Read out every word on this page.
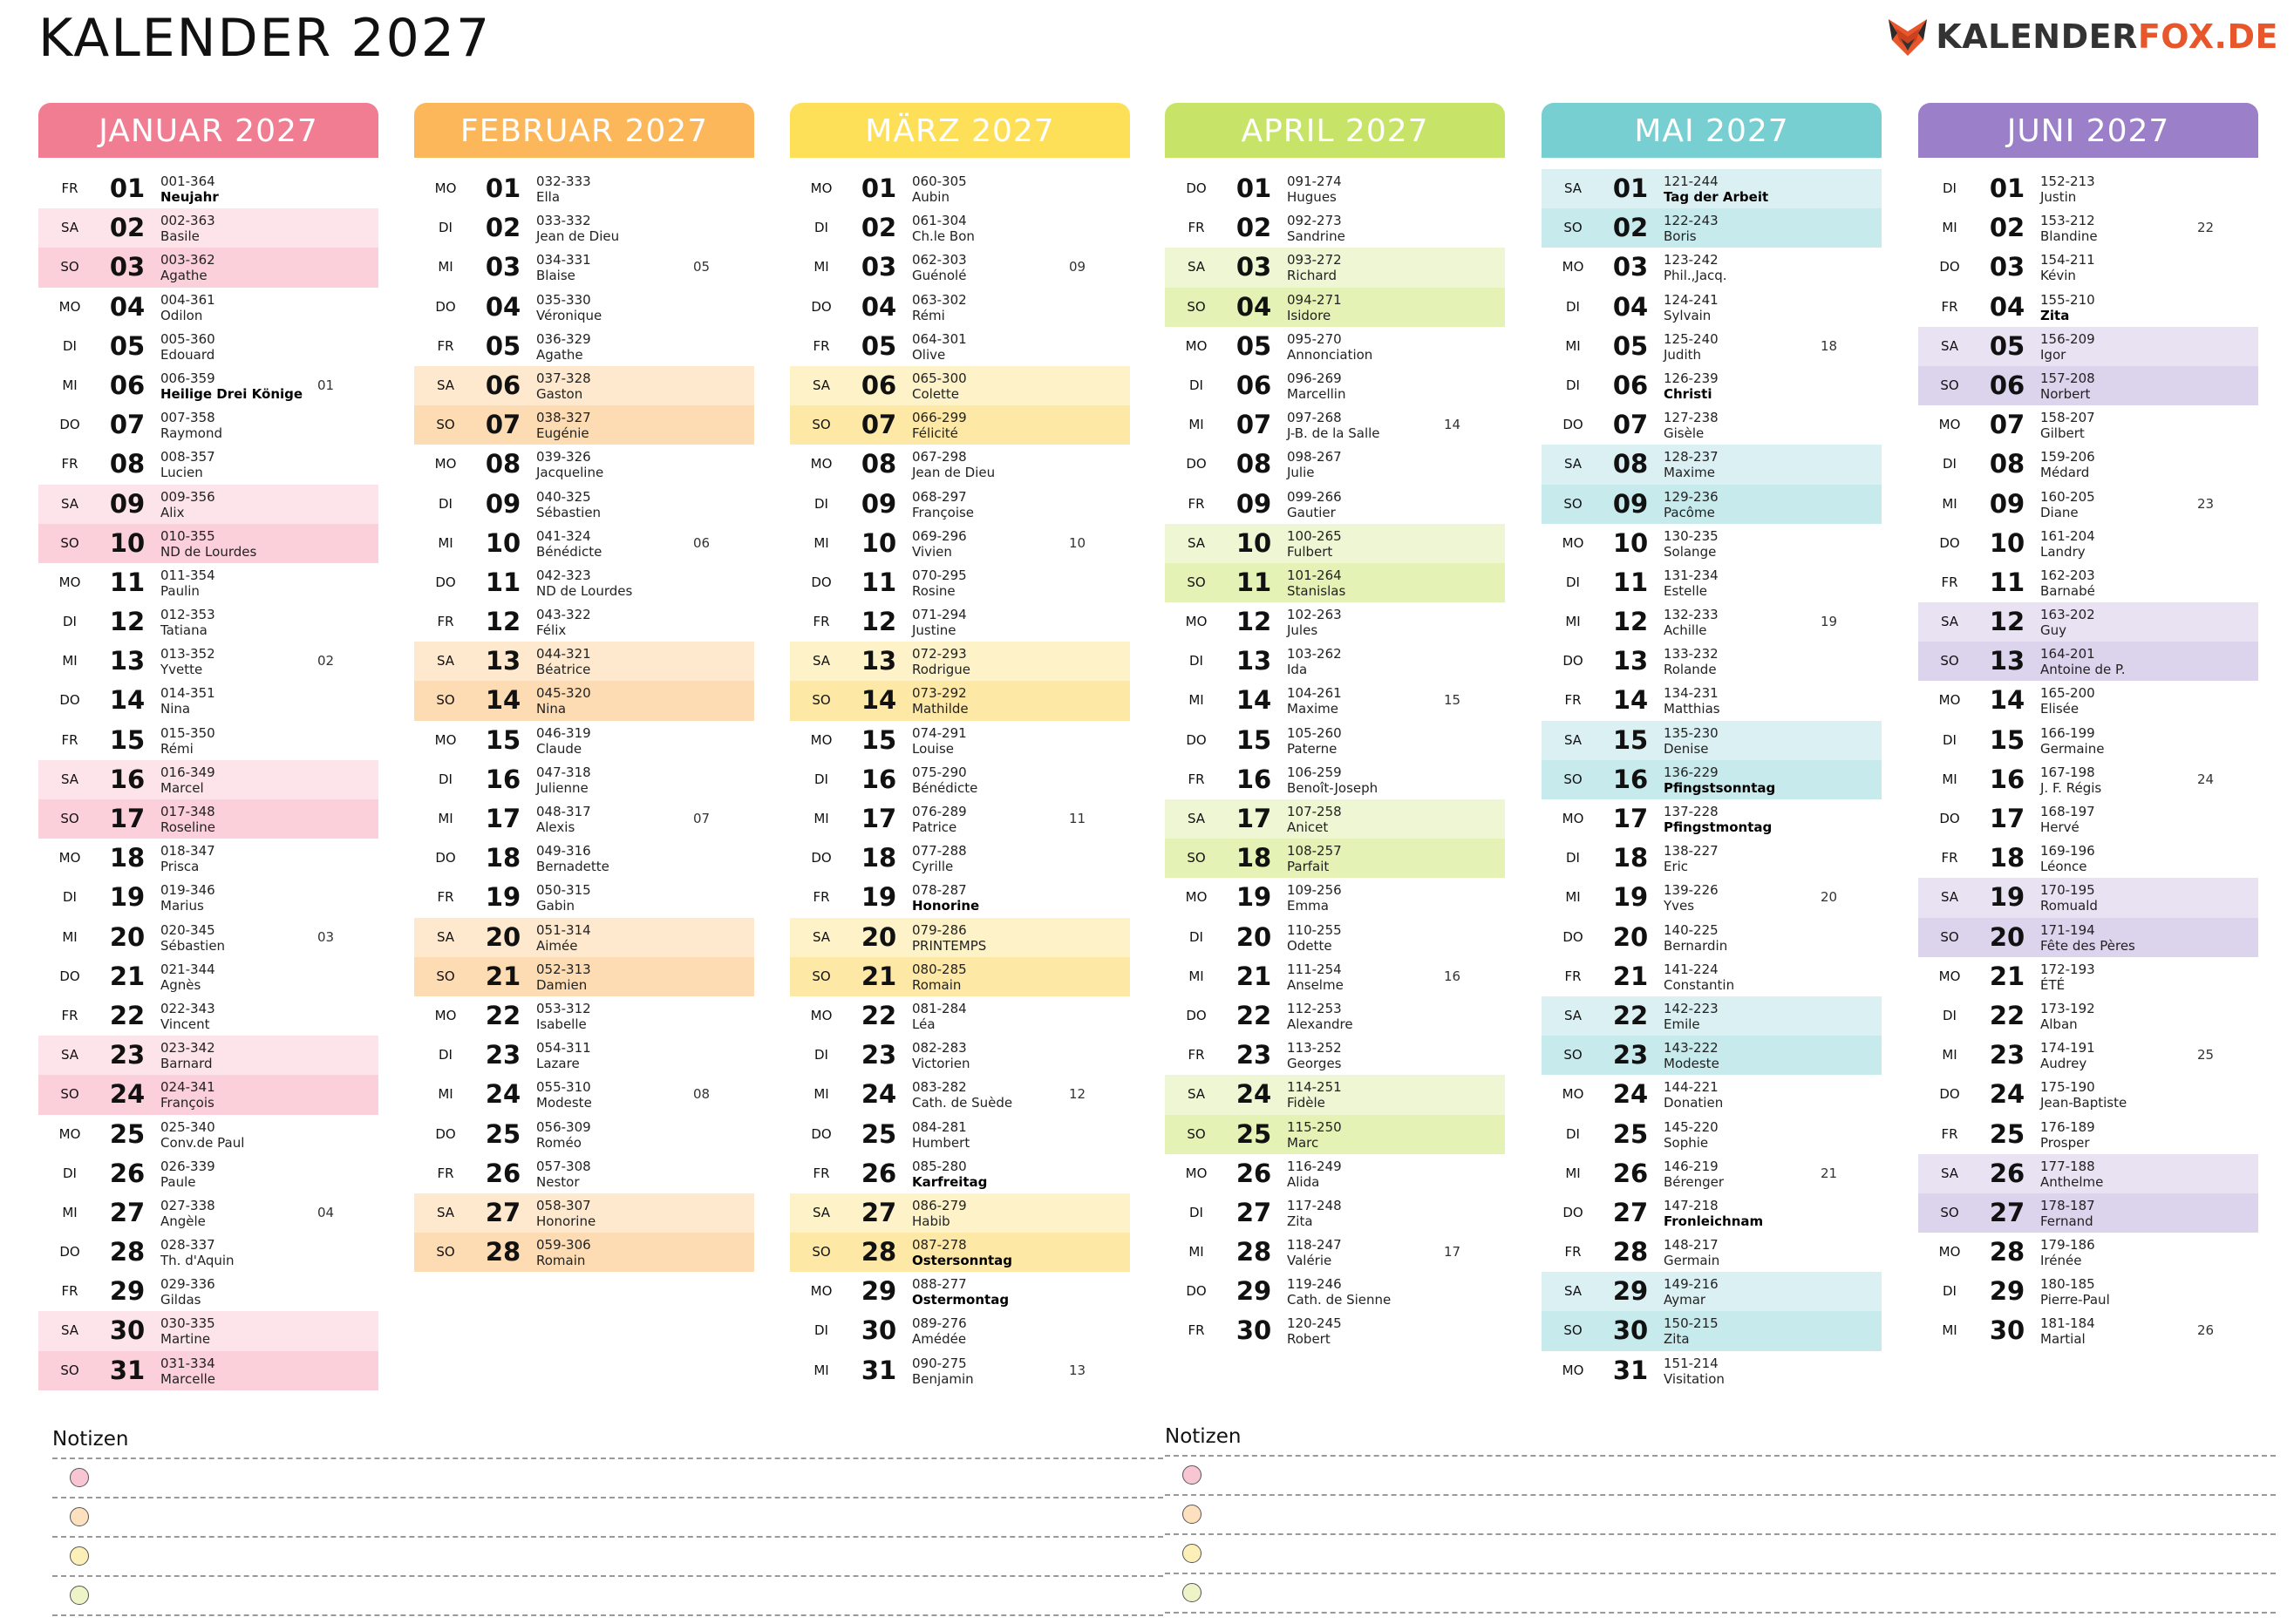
KALENDER 2027	KALENDERFOX.DE
JANUAR 2027
FR	01	001-364
Neujahr
SA	02	002-363
Basile
SO	03	003-362
Agathe
MO	04	004-361
Odilon
DI	05	005-360
Edouard
MI	06	006-359
Heilige Drei Könige
01
DO	07	007-358
Raymond
FR	08	008-357
Lucien
SA	09	009-356
Alix
SO	10	010-355
ND de Lourdes
MO	11	011-354
Paulin
DI	12	012-353
Tatiana
MI	13	013-352
Yvette
02
DO	14	014-351
Nina
FR	15	015-350
Rémi
SA	16	016-349
Marcel
SO	17	017-348
Roseline
MO	18	018-347
Prisca
DI	19	019-346
Marius
MI	20	020-345
Sébastien
03
DO	21	021-344
Agnès
FR	22	022-343
Vincent
SA	23	023-342
Barnard
SO	24	024-341
François
MO	25	025-340
Conv.de Paul
DI	26	026-339
Paule
MI	27	027-338
Angèle
04
DO	28	028-337
Th. d'Aquin
FR	29	029-336
Gildas
SA	30	030-335
Martine
SO	31	031-334
Marcelle
FEBRUAR 2027
MO	01	032-333
Ella
DI	02	033-332
Jean de Dieu
MI	03	034-331
Blaise
05
DO	04	035-330
Véronique
FR	05	036-329
Agathe
SA	06	037-328
Gaston
SO	07	038-327
Eugénie
MO	08	039-326
Jacqueline
DI	09	040-325
Sébastien
MI	10	041-324
Bénédicte
06
DO	11	042-323
ND de Lourdes
FR	12	043-322
Félix
SA	13	044-321
Béatrice
SO	14	045-320
Nina
MO	15	046-319
Claude
DI	16	047-318
Julienne
MI	17	048-317
Alexis
07
DO	18	049-316
Bernadette
FR	19	050-315
Gabin
SA	20	051-314
Aimée
SO	21	052-313
Damien
MO	22	053-312
Isabelle
DI	23	054-311
Lazare
MI	24	055-310
Modeste
08
DO	25	056-309
Roméo
FR	26	057-308
Nestor
SA	27	058-307
Honorine
SO	28	059-306
Romain
MÄRZ 2027
MO	01	060-305
Aubin
DI	02	061-304
Ch.le Bon
MI	03	062-303
Guénolé
09
DO	04	063-302
Rémi
FR	05	064-301
Olive
SA	06	065-300
Colette
SO	07	066-299
Félicité
MO	08	067-298
Jean de Dieu
DI	09	068-297
Françoise
MI	10	069-296
Vivien
10
DO	11	070-295
Rosine
FR	12	071-294
Justine
SA	13	072-293
Rodrigue
SO	14	073-292
Mathilde
MO	15	074-291
Louise
DI	16	075-290
Bénédicte
MI	17	076-289
Patrice
11
DO	18	077-288
Cyrille
FR	19	078-287
Honorine
SA	20	079-286
PRINTEMPS
SO	21	080-285
Romain
MO	22	081-284
Léa
DI	23	082-283
Victorien
MI	24	083-282
Cath. de Suède
12
DO	25	084-281
Humbert
FR	26	085-280
Karfreitag
SA	27	086-279
Habib
SO	28	087-278
Ostersonntag
MO	29	088-277
Ostermontag
DI	30	089-276
Amédée
MI	31	090-275
Benjamin
13
APRIL 2027
DO	01	091-274
Hugues
FR	02	092-273
Sandrine
SA	03	093-272
Richard
SO	04	094-271
Isidore
MO	05	095-270
Annonciation
DI	06	096-269
Marcellin
MI	07	097-268
J-B. de la Salle
14
DO	08	098-267
Julie
FR	09	099-266
Gautier
SA	10	100-265
Fulbert
SO	11	101-264
Stanislas
MO	12	102-263
Jules
DI	13	103-262
Ida
MI	14	104-261
Maxime
15
DO	15	105-260
Paterne
FR	16	106-259
Benoît-Joseph
SA	17	107-258
Anicet
SO	18	108-257
Parfait
MO	19	109-256
Emma
DI	20	110-255
Odette
MI	21	111-254
Anselme
16
DO	22	112-253
Alexandre
FR	23	113-252
Georges
SA	24	114-251
Fidèle
SO	25	115-250
Marc
MO	26	116-249
Alida
DI	27	117-248
Zita
MI	28	118-247
Valérie
17
DO	29	119-246
Cath. de Sienne
FR	30	120-245
Robert
MAI 2027
SA	01	121-244
Tag der Arbeit
SO	02	122-243
Boris
MO	03	123-242
Phil.,Jacq.
DI	04	124-241
Sylvain
MI	05	125-240
Judith
18
DI	06	126-239
Christi
DO	07	127-238
Gisèle
SA	08	128-237
Maxime
SO	09	129-236
Pacôme
MO	10	130-235
Solange
DI	11	131-234
Estelle
MI	12	132-233
Achille
19
DO	13	133-232
Rolande
FR	14	134-231
Matthias
SA	15	135-230
Denise
SO	16	136-229
Pfingstsonntag
MO	17	137-228
Pfingstmontag
DI	18	138-227
Eric
MI	19	139-226
Yves
20
DO	20	140-225
Bernardin
FR	21	141-224
Constantin
SA	22	142-223
Emile
SO	23	143-222
Modeste
MO	24	144-221
Donatien
DI	25	145-220
Sophie
MI	26	146-219
Bérenger
21
DO	27	147-218
Fronleichnam
FR	28	148-217
Germain
SA	29	149-216
Aymar
SO	30	150-215
Zita
MO	31	151-214
Visitation
JUNI 2027
DI	01	152-213
Justin
MI	02	153-212
Blandine
22
DO	03	154-211
Kévin
FR	04	155-210
Zita
SA	05	156-209
Igor
SO	06	157-208
Norbert
MO	07	158-207
Gilbert
DI	08	159-206
Médard
MI	09	160-205
Diane
23
DO	10	161-204
Landry
FR	11	162-203
Barnabé
SA	12	163-202
Guy
SO	13	164-201
Antoine de P.
MO	14	165-200
Elisée
DI	15	166-199
Germaine
MI	16	167-198
J. F. Régis
24
DO	17	168-197
Hervé
FR	18	169-196
Léonce
SA	19	170-195
Romuald
SO	20	171-194
Fête des Pères
MO	21	172-193
ÉTÉ
DI	22	173-192
Alban
MI	23	174-191
Audrey
25
DO	24	175-190
Jean-Baptiste
FR	25	176-189
Prosper
SA	26	177-188
Anthelme
SO	27	178-187
Fernand
MO	28	179-186
Irénée
DI	29	180-185
Pierre-Paul
MI	30	181-184
Martial
26
Notizen	Notizen
